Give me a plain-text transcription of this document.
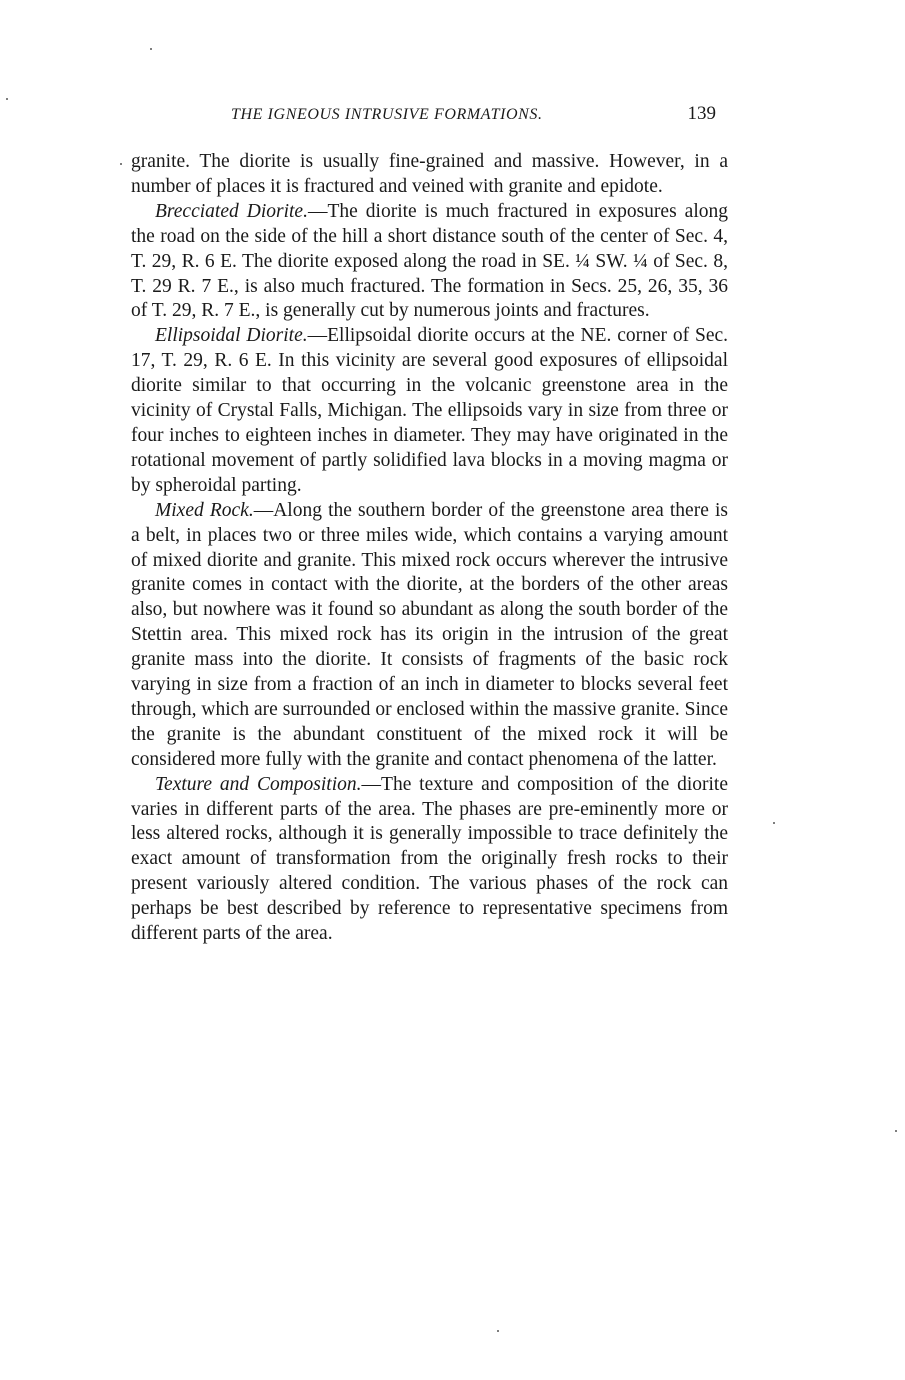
THE IGNEOUS INTRUSIVE FORMATIONS.	139

granite. The diorite is usually fine-grained and massive. However, in a number of places it is fractured and veined with granite and epidote.

Brecciated Diorite.—The diorite is much fractured in exposures along the road on the side of the hill a short distance south of the center of Sec. 4, T. 29, R. 6 E. The diorite exposed along the road in SE. ¼ SW. ¼ of Sec. 8, T. 29 R. 7 E., is also much fractured. The formation in Secs. 25, 26, 35, 36 of T. 29, R. 7 E., is generally cut by numerous joints and fractures.

Ellipsoidal Diorite.—Ellipsoidal diorite occurs at the NE. corner of Sec. 17, T. 29, R. 6 E. In this vicinity are several good exposures of ellipsoidal diorite similar to that occurring in the volcanic greenstone area in the vicinity of Crystal Falls, Michigan. The ellipsoids vary in size from three or four inches to eighteen inches in diameter. They may have originated in the rotational movement of partly solidified lava blocks in a moving magma or by spheroidal parting.

Mixed Rock.—Along the southern border of the greenstone area there is a belt, in places two or three miles wide, which contains a varying amount of mixed diorite and granite. This mixed rock occurs wherever the intrusive granite comes in contact with the diorite, at the borders of the other areas also, but nowhere was it found so abundant as along the south border of the Stettin area. This mixed rock has its origin in the intrusion of the great granite mass into the diorite. It consists of fragments of the basic rock varying in size from a fraction of an inch in diameter to blocks several feet through, which are surrounded or enclosed within the massive granite. Since the granite is the abundant constituent of the mixed rock it will be considered more fully with the granite and contact phenomena of the latter.

Texture and Composition.—The texture and composition of the diorite varies in different parts of the area. The phases are pre-eminently more or less altered rocks, although it is generally impossible to trace definitely the exact amount of transformation from the originally fresh rocks to their present variously altered condition. The various phases of the rock can perhaps be best described by reference to representative specimens from different parts of the area.
